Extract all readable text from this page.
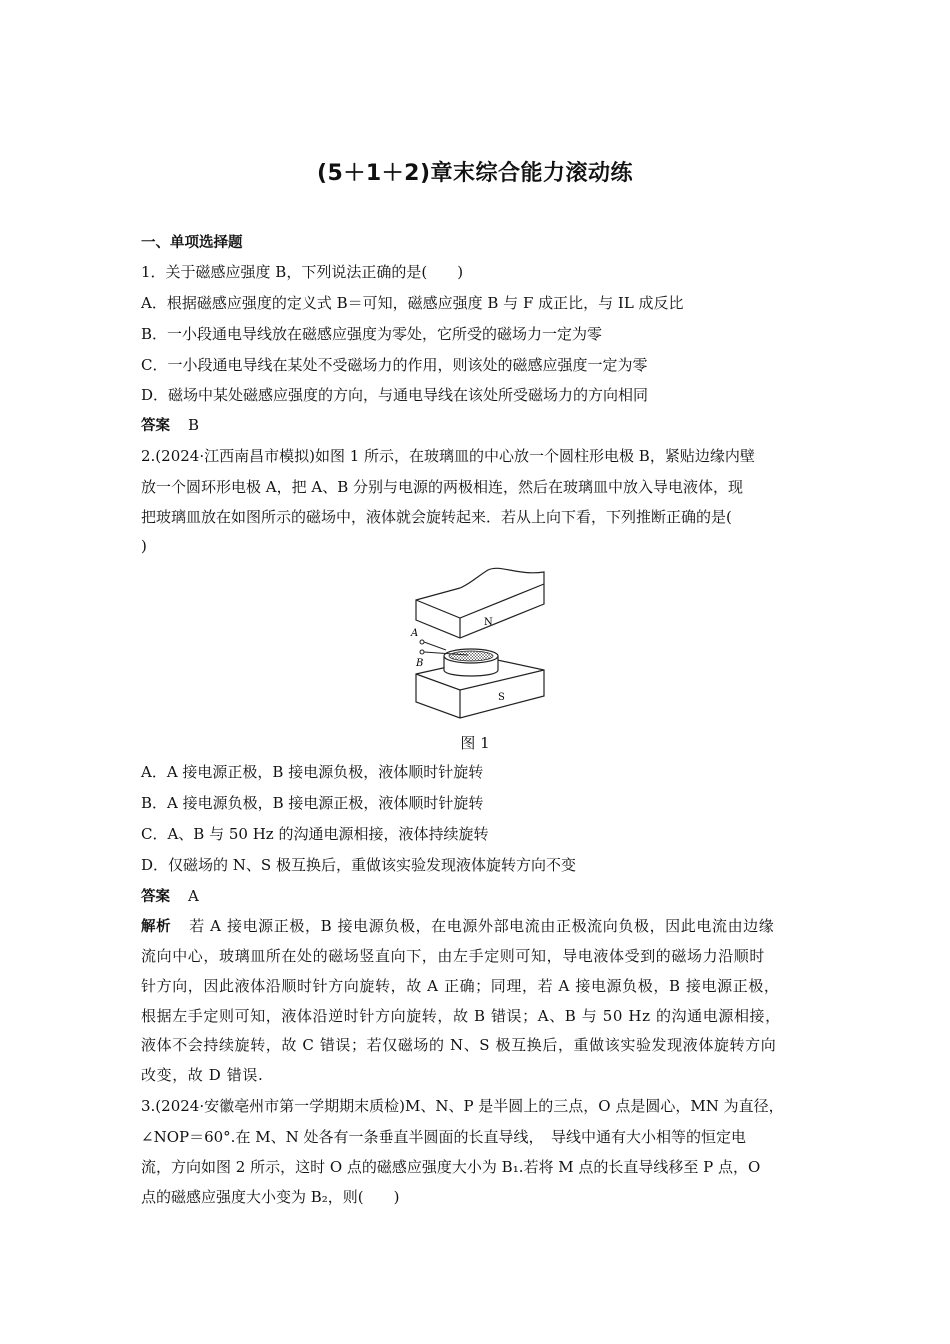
(5＋1＋2)章末综合能力滚动练
一、单项选择题
1．关于磁感应强度 B，下列说法正确的是(　　)
A．根据磁感应强度的定义式 B＝可知，磁感应强度 B 与 F 成正比，与 IL 成反比
B．一小段通电导线放在磁感应强度为零处，它所受的磁场力一定为零
C．一小段通电导线在某处不受磁场力的作用，则该处的磁感应强度一定为零
D．磁场中某处磁感应强度的方向，与通电导线在该处所受磁场力的方向相同
答案 B
2.(2024·江西南昌市模拟)如图 1 所示，在玻璃皿的中心放一个圆柱形电极 B，紧贴边缘内壁
放一个圆环形电极 A，把 A、B 分别与电源的两极相连，然后在玻璃皿中放入导电液体，现
把玻璃皿放在如图所示的磁场中，液体就会旋转起来．若从上向下看，下列推断正确的是(
)
N
S
A
B
图 1
A．A 接电源正极，B 接电源负极，液体顺时针旋转
B．A 接电源负极，B 接电源正极，液体顺时针旋转
C．A、B 与 50 Hz 的沟通电源相接，液体持续旋转
D．仅磁场的 N、S 极互换后，重做该实验发现液体旋转方向不变
答案 A
解析 若 A 接电源正极，B 接电源负极，在电源外部电流由正极流向负极，因此电流由边缘
流向中心，玻璃皿所在处的磁场竖直向下，由左手定则可知，导电液体受到的磁场力沿顺时
针方向，因此液体沿顺时针方向旋转，故 A 正确；同理，若 A 接电源负极，B 接电源正极，
根据左手定则可知，液体沿逆时针方向旋转，故 B 错误；A、B 与 50 Hz 的沟通电源相接，
液体不会持续旋转，故 C 错误；若仅磁场的 N、S 极互换后，重做该实验发现液体旋转方向
改变，故 D 错误.
3.(2024·安徽亳州市第一学期期末质检)M、N、P 是半圆上的三点，O 点是圆心，MN 为直径，
∠NOP＝60°.在 M、N 处各有一条垂直半圆面的长直导线，　导线中通有大小相等的恒定电
流，方向如图 2 所示，这时 O 点的磁感应强度大小为 B₁.若将 M 点的长直导线移至 P 点，O
点的磁感应强度大小变为 B₂，则(　　)
